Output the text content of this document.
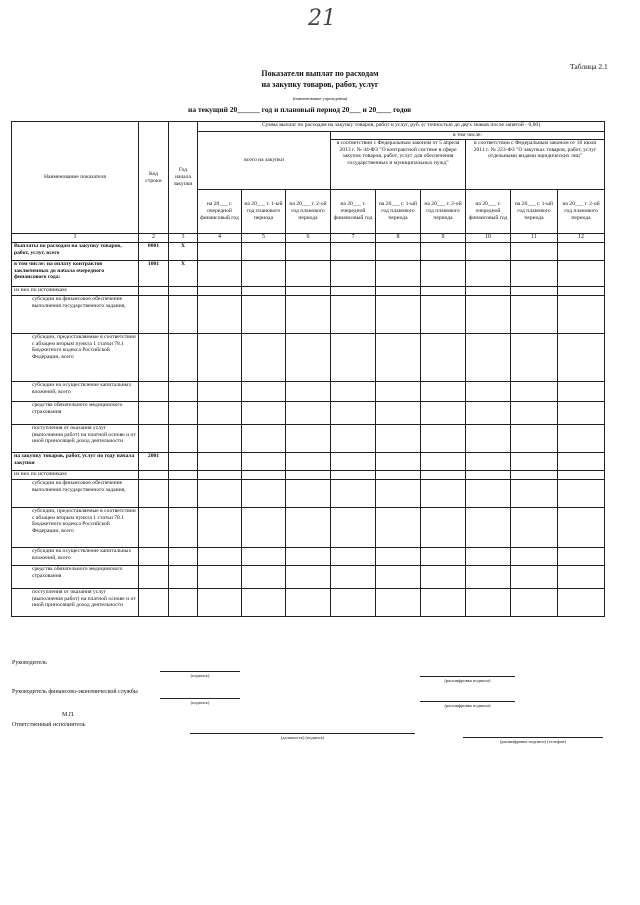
21
Таблица 2.1
Показатели выплат по расходам
на закупку товаров, работ, услуг
(наименование учреждения)
на текущий 20______ год и плановый период 20___ и 20____ годов
Наименование показателя	Код строки	Год начала закупки	Сумма выплат по расходам на закупку товаров, работ и услуг, руб. (с точностью до двух знаков после запятой - 0,00)								
			всего на закупки			в том числе:					
						в соответствии с Федеральным законом от 5 апреля 2013 г. № 44-ФЗ "О контрактной системе в сфере закупок товаров, работ, услуг для обеспечения государственных и муниципальных нужд"			в соответствии с Федеральным законом от 18 июля 2011 г. № 223-ФЗ "О закупках товаров, работ, услуг отдельными видами юридических лиц"		
			на 20___ г. очередной финансовый год	на 20___ г. 1-ый год планового периода	на 20___ г. 2-ой год планового периода	на 20___ г. очередной финансовый год	на 20___ г. 1-ый год планового периода	на 20___ г. 2-ой год планового периода	на 20___ г. очередной финансовый год	на 20___ г. 1-ый год планового периода	на 20___ г. 2-ой год планового периода
1	2	3	4	5	6	7	8	9	10	11	12
Выплаты по расходам на закупку товаров, работ, услуг, всего	0001	X									
в том числе: на оплату контрактов заключенных до начала очередного финансового года:	1001	X									
из них по источникам:											
субсидии на финансовое обеспечение выполнения государственного задания,											
субсидии, предоставляемые в соответствии с абзацем вторым пункта 1 статьи 78.1 Бюджетного кодекса Российской Федерации, всего											
субсидии на осуществление капитальных вложений, всего											
средства обязательного медицинского страхования											
поступления от оказания услуг (выполнения работ) на платной основе и от иной приносящей доход деятельности											
на закупку товаров, работ, услуг по году начала закупки	2001										
из них по источникам:											
субсидии на финансовое обеспечение выполнения государственного задания,											
субсидии, предоставляемые в соответствии с абзацем вторым пункта 1 статьи 78.1 Бюджетного кодекса Российской Федерации, всего											
субсидии на осуществление капитальных вложений, всего											
средства обязательного медицинского страхования											
поступления от оказания услуг (выполнения работ) на платной основе и от иной приносящей доход деятельности											
Руководитель
(подпись)
(расшифровка подписи)
Руководитель финансово-экономической службы
(подпись)
(расшифровка подписи)
М.П.
Ответственный исполнитель
(должность) (подпись)
(расшифровка подписи) (телефон)
